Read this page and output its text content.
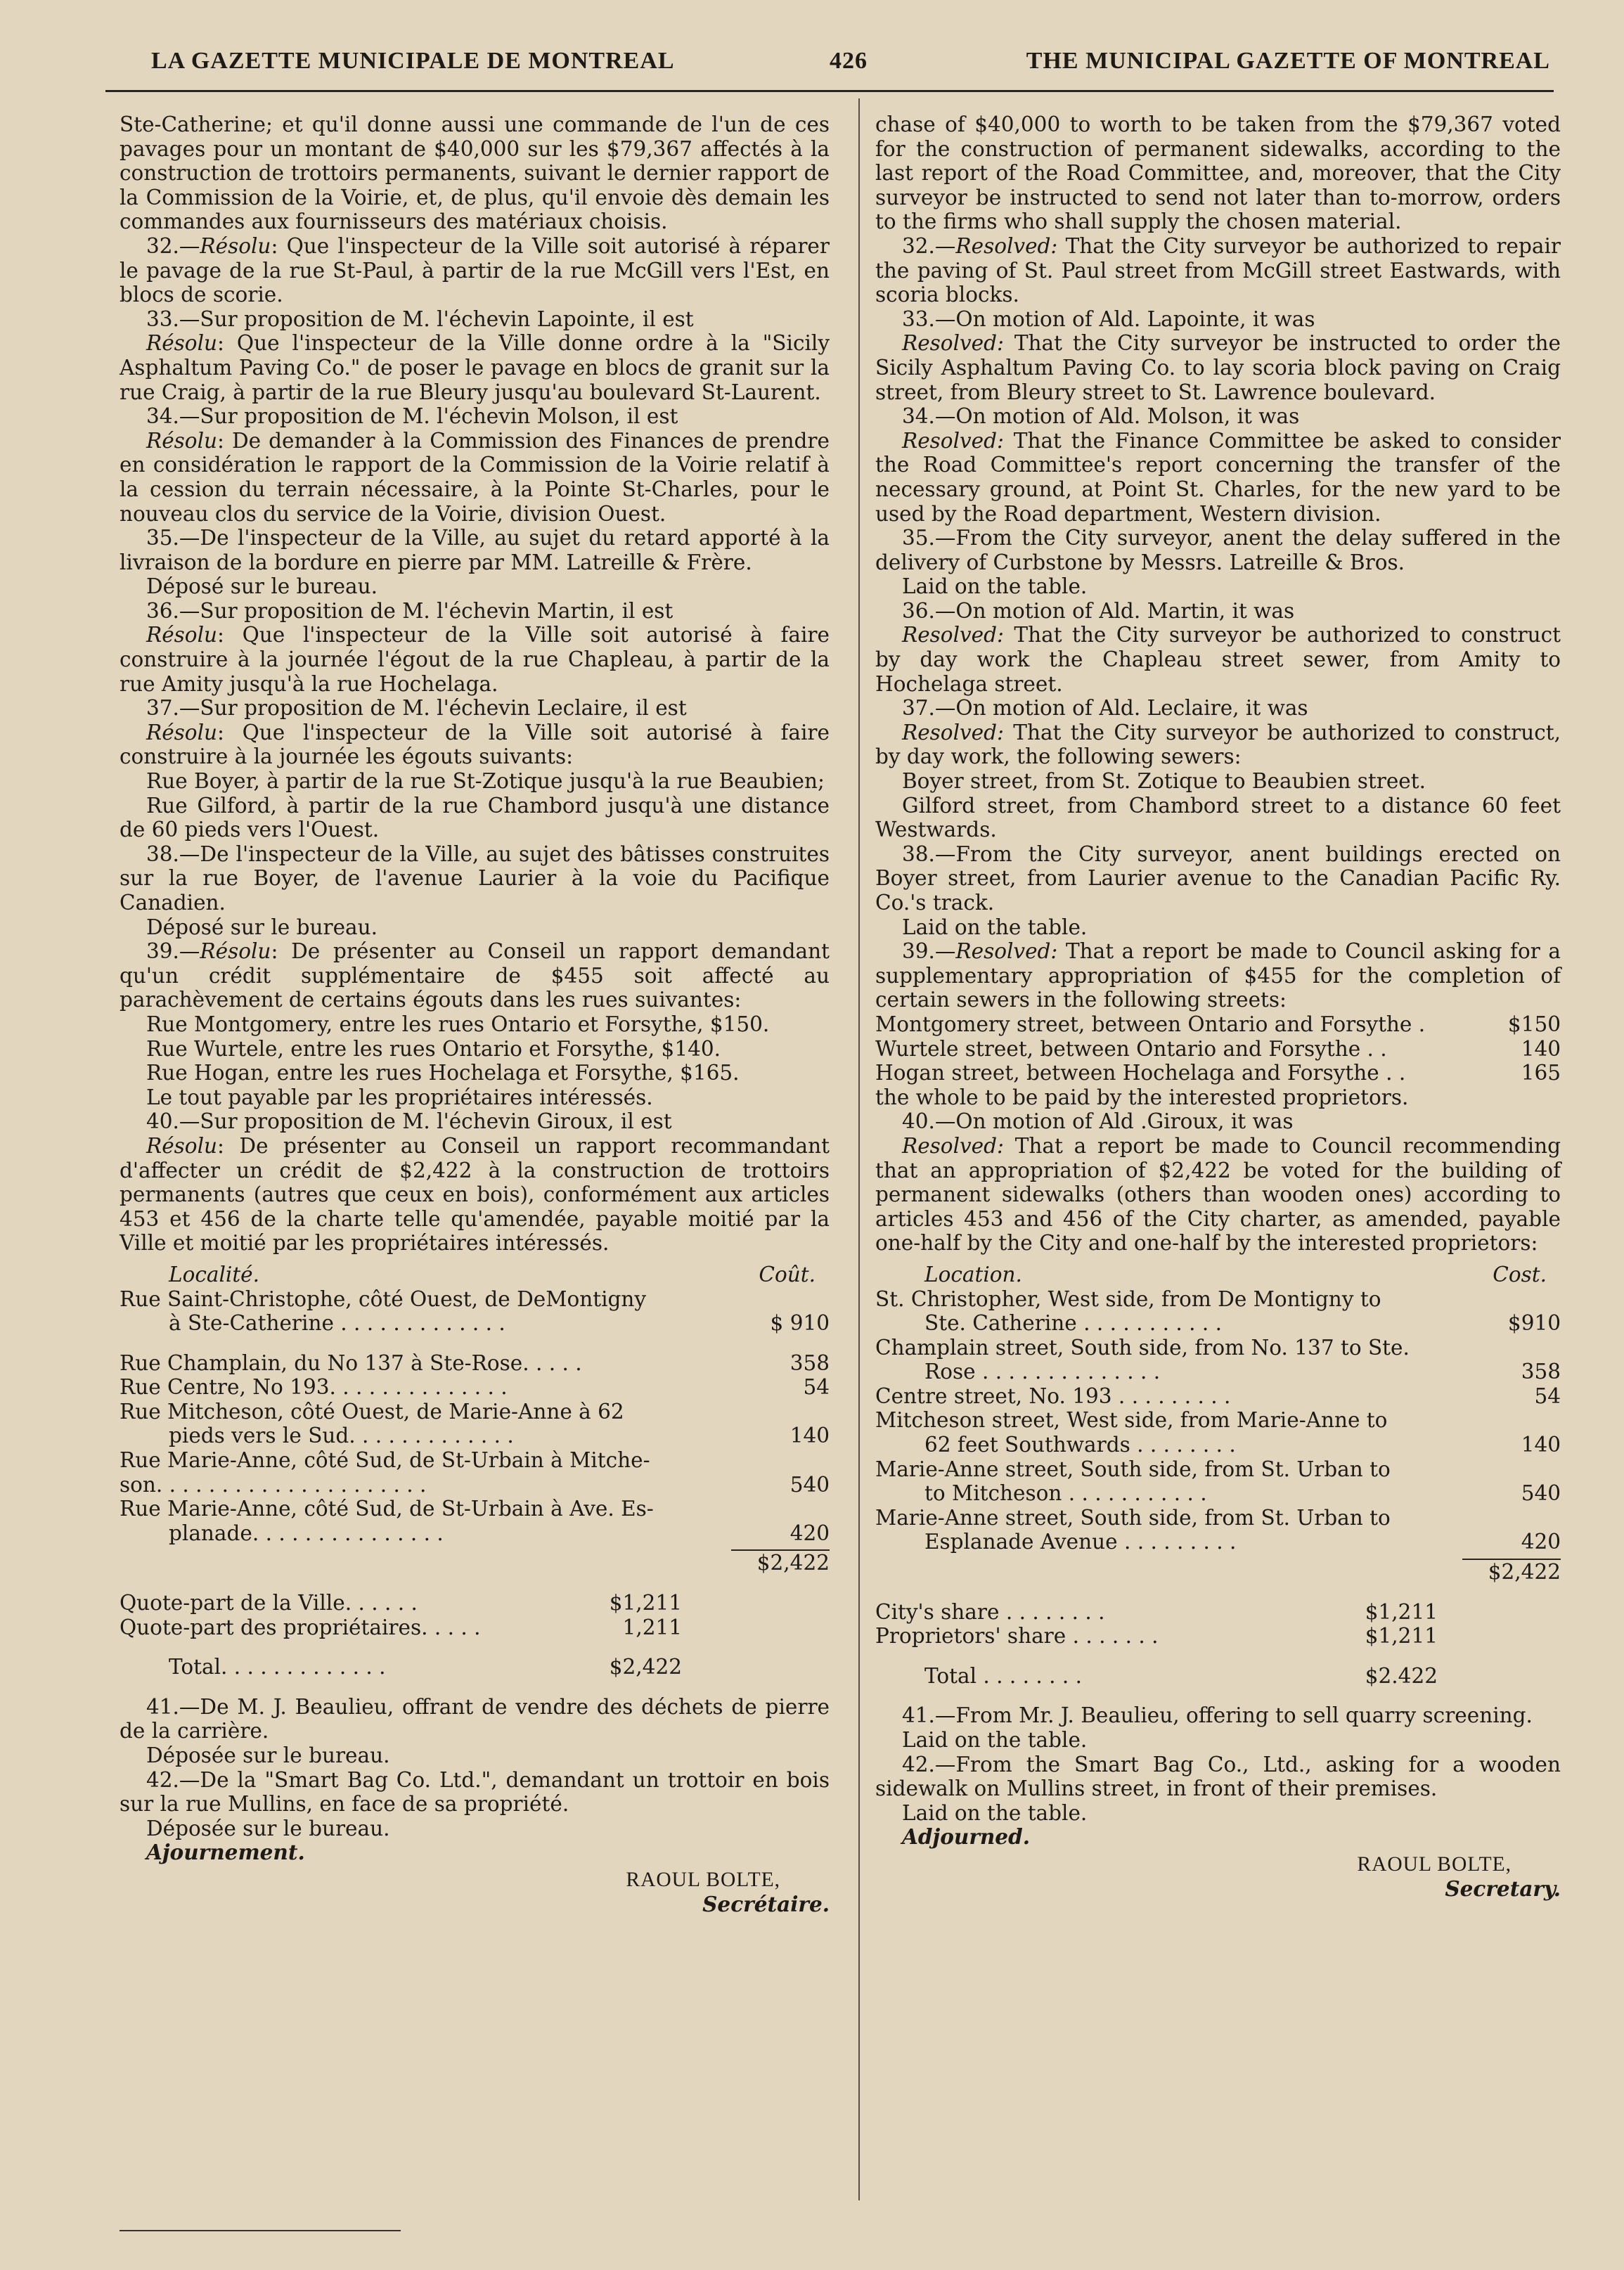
LA GAZETTE MUNICIPALE DE MONTREAL	426	THE MUNICIPAL GAZETTE OF MONTREAL

Ste-Catherine; et qu'il donne aussi une commande de l'un de ces pavages pour un montant de $40,000 sur les $79,367 affectés à la construction de trottoirs permanents, suivant le dernier rapport de la Commission de la Voirie, et, de plus, qu'il envoie dès demain les commandes aux fournisseurs des matériaux choisis.

32.—Résolu: Que l'inspecteur de la Ville soit autorisé à réparer le pavage de la rue St-Paul, à partir de la rue McGill vers l'Est, en blocs de scorie.

33.—Sur proposition de M. l'échevin Lapointe, il est

Résolu: Que l'inspecteur de la Ville donne ordre à la "Sicily Asphaltum Paving Co." de poser le pavage en blocs de granit sur la rue Craig, à partir de la rue Bleury jusqu'au boulevard St-Laurent.

34.—Sur proposition de M. l'échevin Molson, il est

Résolu: De demander à la Commission des Finances de prendre en considération le rapport de la Commission de la Voirie relatif à la cession du terrain nécessaire, à la Pointe St-Charles, pour le nouveau clos du service de la Voirie, division Ouest.

35.—De l'inspecteur de la Ville, au sujet du retard apporté à la livraison de la bordure en pierre par MM. Latreille & Frère.

Déposé sur le bureau.

36.—Sur proposition de M. l'échevin Martin, il est

Résolu: Que l'inspecteur de la Ville soit autorisé à faire construire à la journée l'égout de la rue Chapleau, à partir de la rue Amity jusqu'à la rue Hochelaga.

37.—Sur proposition de M. l'échevin Leclaire, il est

Résolu: Que l'inspecteur de la Ville soit autorisé à faire construire à la journée les égouts suivants:

Rue Boyer, à partir de la rue St-Zotique jusqu'à la rue Beaubien;

Rue Gilford, à partir de la rue Chambord jusqu'à une distance de 60 pieds vers l'Ouest.

38.—De l'inspecteur de la Ville, au sujet des bâtisses construites sur la rue Boyer, de l'avenue Laurier à la voie du Pacifique Canadien.

Déposé sur le bureau.

39.—Résolu: De présenter au Conseil un rapport demandant qu'un crédit supplémentaire de $455 soit affecté au parachèvement de certains égouts dans les rues suivantes:

Rue Montgomery, entre les rues Ontario et Forsythe, $150.

Rue Wurtele, entre les rues Ontario et Forsythe, $140.

Rue Hogan, entre les rues Hochelaga et Forsythe, $165.

Le tout payable par les propriétaires intéressés.

40.—Sur proposition de M. l'échevin Giroux, il est

Résolu: De présenter au Conseil un rapport recommandant d'affecter un crédit de $2,422 à la construction de trottoirs permanents (autres que ceux en bois), conformément aux articles 453 et 456 de la charte telle qu'amendée, payable moitié par la Ville et moitié par les propriétaires intéressés.

Localité.	Coût.
Rue Saint-Christophe, côté Ouest, de DeMontigny
à Ste-Catherine . . . . . . . . . . . . .	$ 910
Rue Champlain, du No 137 à Ste-Rose. . . . .	358
Rue Centre, No 193. . . . . . . . . . . . . .	54
Rue Mitcheson, côté Ouest, de Marie-Anne à 62
pieds vers le Sud. . . . . . . . . . . . .	140
Rue Marie-Anne, côté Sud, de St-Urbain à Mitche-
son. . . . . . . . . . . . . . . . . . . . .	540
Rue Marie-Anne, côté Sud, de St-Urbain à Ave. Es-
planade. . . . . . . . . . . . . . .	420
$2,422
Quote-part de la Ville. . . . . .	$1,211
Quote-part des propriétaires. . . . .	1,211
Total. . . . . . . . . . . . .	$2,422

41.—De M. J. Beaulieu, offrant de vendre des déchets de pierre de la carrière.

Déposée sur le bureau.

42.—De la "Smart Bag Co. Ltd.", demandant un trottoir en bois sur la rue Mullins, en face de sa propriété.

Déposée sur le bureau.

Ajournement.

RAOUL BOLTE,
Secrétaire.

chase of $40,000 to worth to be taken from the $79,367 voted for the construction of permanent sidewalks, according to the last report of the Road Committee, and, moreover, that the City surveyor be instructed to send not later than to-morrow, orders to the firms who shall supply the chosen material.

32.—Resolved: That the City surveyor be authorized to repair the paving of St. Paul street from McGill street Eastwards, with scoria blocks.

33.—On motion of Ald. Lapointe, it was

Resolved: That the City surveyor be instructed to order the Sicily Asphaltum Paving Co. to lay scoria block paving on Craig street, from Bleury street to St. Lawrence boulevard.

34.—On motion of Ald. Molson, it was

Resolved: That the Finance Committee be asked to consider the Road Committee's report concerning the transfer of the necessary ground, at Point St. Charles, for the new yard to be used by the Road department, Western division.

35.—From the City surveyor, anent the delay suffered in the delivery of Curbstone by Messrs. Latreille & Bros.

Laid on the table.

36.—On motion of Ald. Martin, it was

Resolved: That the City surveyor be authorized to construct by day work the Chapleau street sewer, from Amity to Hochelaga street.

37.—On motion of Ald. Leclaire, it was

Resolved: That the City surveyor be authorized to construct, by day work, the following sewers:

Boyer street, from St. Zotique to Beaubien street.

Gilford street, from Chambord street to a distance 60 feet Westwards.

38.—From the City surveyor, anent buildings erected on Boyer street, from Laurier avenue to the Canadian Pacific Ry. Co.'s track.

Laid on the table.

39.—Resolved: That a report be made to Council asking for a supplementary appropriation of $455 for the completion of certain sewers in the following streets:

Montgomery street, between Ontario and Forsythe .	$150
Wurtele street, between Ontario and Forsythe . .	140
Hogan street, between Hochelaga and Forsythe . .	165

the whole to be paid by the interested proprietors.

40.—On motion of Ald .Giroux, it was

Resolved: That a report be made to Council recommending that an appropriation of $2,422 be voted for the building of permanent sidewalks (others than wooden ones) according to articles 453 and 456 of the City charter, as amended, payable one-half by the City and one-half by the interested proprietors:

Location.	Cost.
St. Christopher, West side, from De Montigny to
Ste. Catherine . . . . . . . . . . .	$910
Champlain street, South side, from No. 137 to Ste.
Rose . . . . . . . . . . . . . .	358
Centre street, No. 193 . . . . . . . . .	54
Mitcheson street, West side, from Marie-Anne to
62 feet Southwards . . . . . . . .	140
Marie-Anne street, South side, from St. Urban to
to Mitcheson . . . . . . . . . . .	540
Marie-Anne street, South side, from St. Urban to
Esplanade Avenue . . . . . . . . .	420
$2,422
City's share . . . . . . . .	$1,211
Proprietors' share . . . . . . .	$1,211
Total . . . . . . . .	$2.422

41.—From Mr. J. Beaulieu, offering to sell quarry screening.

Laid on the table.

42.—From the Smart Bag Co., Ltd., asking for a wooden sidewalk on Mullins street, in front of their premises.

Laid on the table.

Adjourned.

RAOUL BOLTE,
Secretary.
